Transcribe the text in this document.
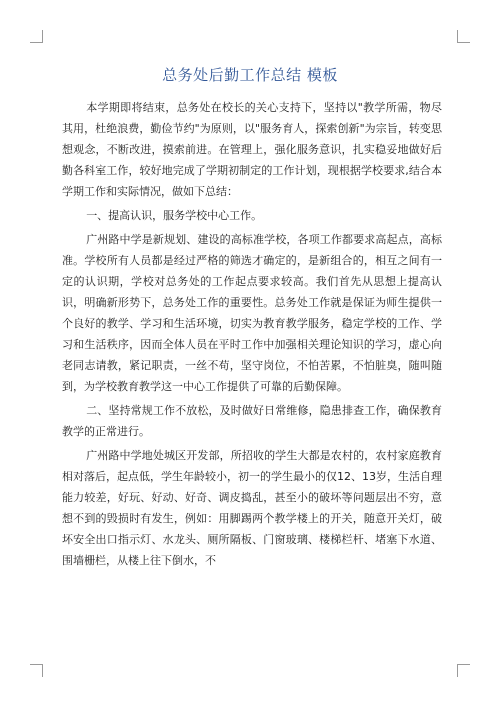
总务处后勤工作总结 模板

本学期即将结束，总务处在校长的关心支持下，坚持以"教学所需，物尽其用，杜绝浪费，勤俭节约"为原则，以"服务育人，探索创新"为宗旨，转变思想观念，不断改进，摸索前进。在管理上，强化服务意识，扎实稳妥地做好后勤各科室工作，较好地完成了学期初制定的工作计划，现根据学校要求,结合本学期工作和实际情况，做如下总结：

一、提高认识，服务学校中心工作。

广州路中学是新规划、建设的高标准学校，各项工作都要求高起点，高标准。学校所有人员都是经过严格的筛选才确定的，是新组合的，相互之间有一定的认识期，学校对总务处的工作起点要求较高。我们首先从思想上提高认识，明确新形势下，总务处工作的重要性。总务处工作就是保证为师生提供一个良好的教学、学习和生活环境，切实为教育教学服务，稳定学校的工作、学习和生活秩序，因而全体人员在平时工作中加强相关理论知识的学习，虚心向老同志请教，紧记职责，一丝不苟，坚守岗位，不怕苦累，不怕脏臭，随叫随到，为学校教育教学这一中心工作提供了可靠的后勤保障。

二、坚持常规工作不放松，及时做好日常维修，隐患排查工作，确保教育教学的正常进行。

广州路中学地处城区开发部，所招收的学生大都是农村的，农村家庭教育相对落后，起点低，学生年龄较小，初一的学生最小的仅12、13岁，生活自理能力较差，好玩、好动、好奇、调皮捣乱，甚至小的破坏等问题层出不穷，意想不到的毁损时有发生，例如：用脚踢两个教学楼上的开关，随意开关灯，破坏安全出口指示灯、水龙头、厕所隔板、门窗玻璃、楼梯栏杆、堵塞下水道、围墙栅栏，从楼上往下倒水，不
